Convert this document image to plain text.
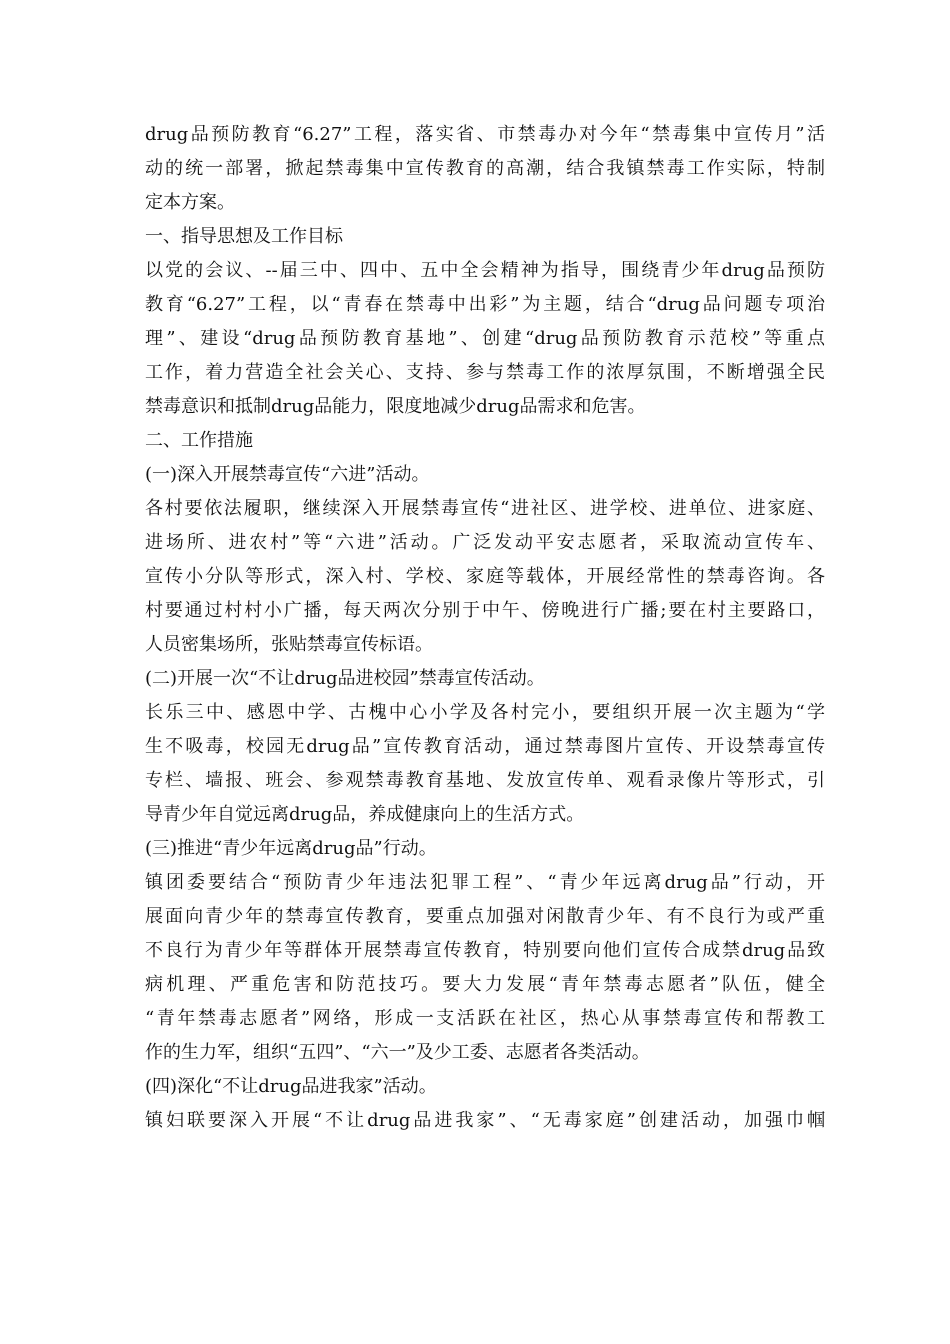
drug品预防教育“6.27”工程，落实省、市禁毒办对今年“禁毒集中宣传月”活
动的统一部署，掀起禁毒集中宣传教育的高潮，结合我镇禁毒工作实际，特制
定本方案。
一、指导思想及工作目标
以党的会议、--届三中、四中、五中全会精神为指导，围绕青少年drug品预防
教育“6.27”工程，以“青春在禁毒中出彩”为主题，结合“drug品问题专项治
理”、建设“drug品预防教育基地”、创建“drug品预防教育示范校”等重点
工作，着力营造全社会关心、支持、参与禁毒工作的浓厚氛围，不断增强全民
禁毒意识和抵制drug品能力，限度地减少drug品需求和危害。
二、工作措施
(一)深入开展禁毒宣传“六进”活动。
各村要依法履职，继续深入开展禁毒宣传“进社区、进学校、进单位、进家庭、
进场所、进农村”等“六进”活动。广泛发动平安志愿者，采取流动宣传车、
宣传小分队等形式，深入村、学校、家庭等载体，开展经常性的禁毒咨询。各
村要通过村村小广播，每天两次分别于中午、傍晚进行广播;要在村主要路口，
人员密集场所，张贴禁毒宣传标语。
(二)开展一次“不让drug品进校园”禁毒宣传活动。
长乐三中、感恩中学、古槐中心小学及各村完小，要组织开展一次主题为“学
生不吸毒，校园无drug品”宣传教育活动，通过禁毒图片宣传、开设禁毒宣传
专栏、墙报、班会、参观禁毒教育基地、发放宣传单、观看录像片等形式，引
导青少年自觉远离drug品，养成健康向上的生活方式。
(三)推进“青少年远离drug品”行动。
镇团委要结合“预防青少年违法犯罪工程”、“青少年远离drug品”行动，开
展面向青少年的禁毒宣传教育，要重点加强对闲散青少年、有不良行为或严重
不良行为青少年等群体开展禁毒宣传教育，特别要向他们宣传合成禁drug品致
病机理、严重危害和防范技巧。要大力发展“青年禁毒志愿者”队伍，健全
“青年禁毒志愿者”网络，形成一支活跃在社区，热心从事禁毒宣传和帮教工
作的生力军，组织“五四”、“六一”及少工委、志愿者各类活动。
(四)深化“不让drug品进我家”活动。
镇妇联要深入开展“不让drug品进我家”、“无毒家庭”创建活动，加强巾帼
